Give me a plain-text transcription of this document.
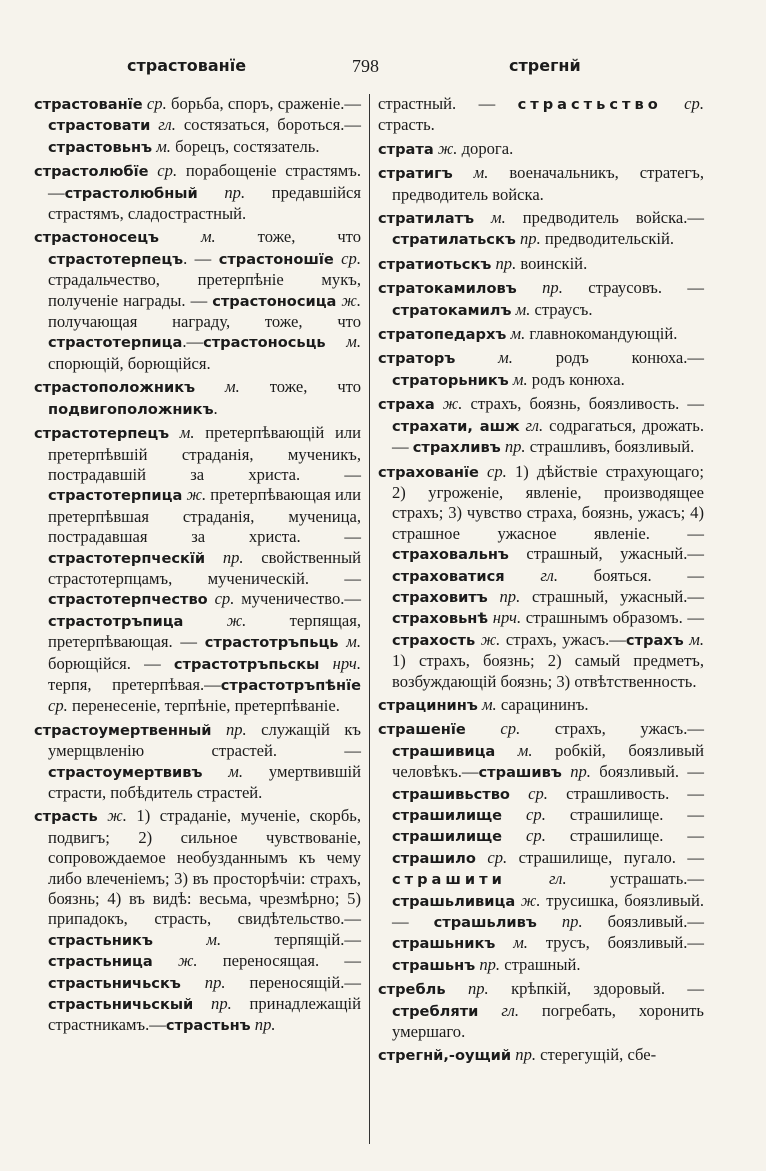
страстованїе	798	стрегнй

страстованїе ср. борьба, споръ, сраженіе.—страстовати гл. состязаться, бороться.—страстовьнъ м. борецъ, состязатель.

страстолюбїе ср. порабощеніе страстямъ.—страстолюбный пр. предавшійся страстямъ, сладострастный.

страстоносецъ м. тоже, что страстотерпецъ. — страстоношїе ср. страдальчество, претерпѣніе мукъ, полученіе награды. — страстоносица ж. получающая награду, тоже, что страстотерпица.—страстоносьць м. спорющій, борющійся.

страстоположникъ м. тоже, что подвигоположникъ.

страстотерпецъ м. претерпѣвающій или претерпѣвшій страданія, мученикъ, пострадавшій за христа. — страстотерпица ж. претерпѣвающая или претерпѣвшая страданія, мученица, пострадавшая за христа. —страстотерпческїй пр. свойственный страстотерпцамъ, мученическій. — страстотерпчество ср. мученичество.—страстотръпица ж. терпящая, претерпѣвающая. — страстотръпьць м. борющійся. — страстотръпьскы нрч. терпя, претерпѣвая.—страстотръпѣнїе ср. перенесеніе, терпѣніе, претерпѣваніе.

страстоумертвенный пр. служащій къ умерщвленію страстей. — страстоумертвивъ м. умертвившій страсти, побѣдитель страстей.

страсть ж. 1) страданіе, мученіе, скорбь, подвигъ; 2) сильное чувствованіе, сопровождаемое необузданнымъ къ чему либо влеченіемъ; 3) въ просторѣчіи: страхъ, боязнь; 4) въ видѣ: весьма, чрезмѣрно; 5) припадокъ, страсть, свидѣтельство.—страстьникъ м. терпящій.—страстьница ж. переносящая. — страстьничьскъ пр. переносящій.—страстьничьскый пр. принадлежащій страстникамъ.—страстьнъ пр.

страстный. — страстьство ср. страсть.

страта ж. дорога.

стратигъ м. военачальникъ, стратегъ, предводитель войска.

стратилатъ м. предводитель войска.—стратилатьскъ пр. предводительскій.

стратиотьскъ пр. воинскій.

стратокамиловъ пр. страусовъ. — стратокамилъ м. страусъ.

стратопедархъ м. главнокомандующій.

страторъ м. родъ конюха.—страторьникъ м. родъ конюха.

страха ж. страхъ, боязнь, боязливость. — страхати, ашж гл. содрагаться, дрожать. — страхливъ пр. страшливъ, боязливый.

страхованїе ср. 1) дѣйствіе страхующаго; 2) угроженіе, явленіе, производящее страхъ; 3) чувство страха, боязнь, ужасъ; 4) страшное ужасное явленіе. — страховальнъ страшный, ужасный.—страховатися гл. бояться. — страховитъ пр. страшный, ужасный.—страховьнѣ нрч. страшнымъ образомъ. — страхость ж. страхъ, ужасъ.—страхъ м. 1) страхъ, боязнь; 2) самый предметъ, возбуждающій боязнь; 3) отвѣтственность.

страцининъ м. сарацининъ.

страшенїе ср. страхъ, ужасъ.—страшивица м. робкій, боязливый человѣкъ.—страшивъ пр. боязливый. — страшивьство ср. страшливость. — страшилище ср. страшилище. — страшилище ср. страшилище. — страшило ср. страшилище, пугало. —страшити гл. устрашать.—страшьливица ж. трусишка, боязливый. — страшьливъ пр. боязливый.—страшьникъ м. трусъ, боязливый.—страшьнъ пр. страшный.

стребль пр. крѣпкій, здоровый. — стребляти гл. погребать, хоронить умершаго.

стрегнй,-оущий пр. стерегущій, сбе-
